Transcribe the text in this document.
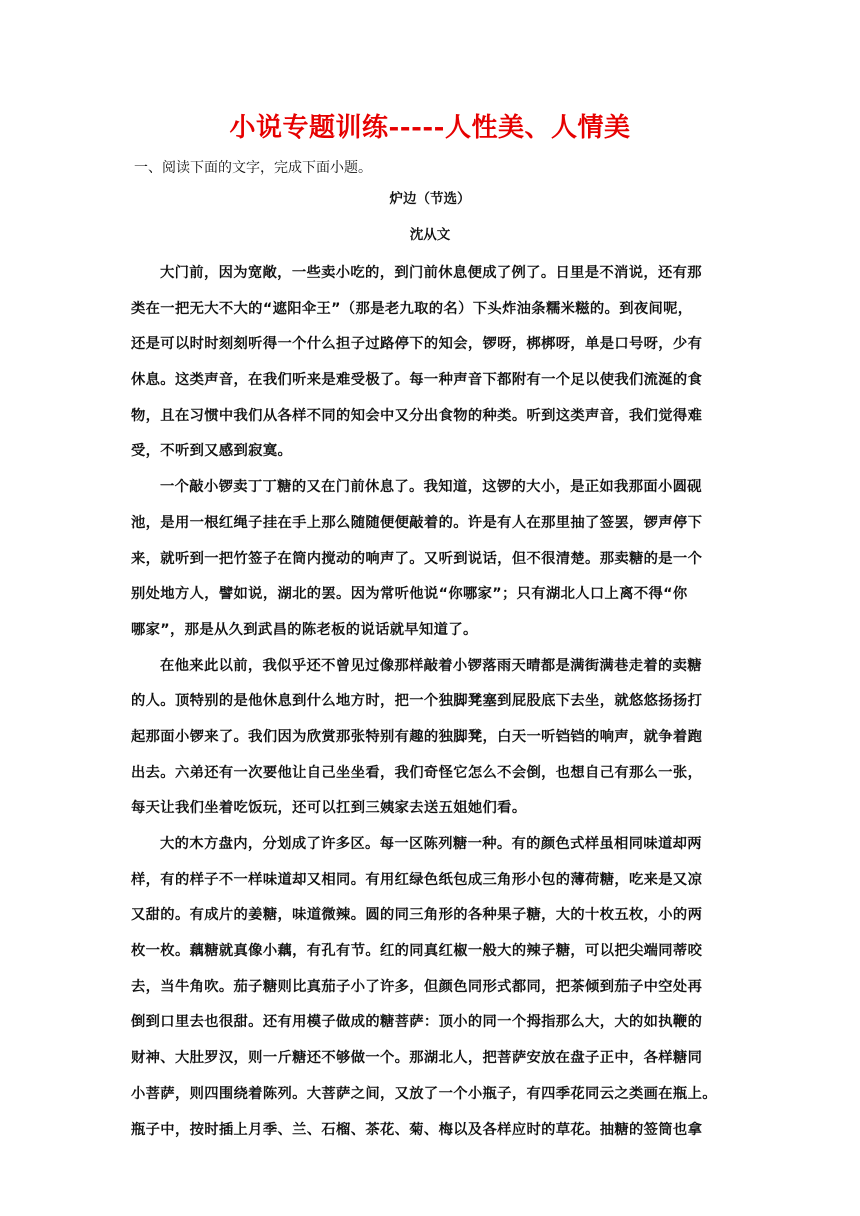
小说专题训练-----人性美、人情美
一、阅读下面的文字，完成下面小题。
炉边（节选）
沈从文
大门前，因为宽敞，一些卖小吃的，到门前休息便成了例了。日里是不消说，还有那
类在一把无大不大的“遮阳伞王”（那是老九取的名）下头炸油条糯米糍的。到夜间呢，
还是可以时时刻刻听得一个什么担子过路停下的知会，锣呀，梆梆呀，单是口号呀，少有
休息。这类声音，在我们听来是难受极了。每一种声音下都附有一个足以使我们流涎的食
物，且在习惯中我们从各样不同的知会中又分出食物的种类。听到这类声音，我们觉得难
受，不听到又感到寂寞。
一个敲小锣卖丁丁糖的又在门前休息了。我知道，这锣的大小，是正如我那面小圆砚
池，是用一根红绳子挂在手上那么随随便便敲着的。许是有人在那里抽了签罢，锣声停下
来，就听到一把竹签子在筒内搅动的响声了。又听到说话，但不很清楚。那卖糖的是一个
别处地方人，譬如说，湖北的罢。因为常听他说“你哪家”；只有湖北人口上离不得“你
哪家”，那是从久到武昌的陈老板的说话就早知道了。
在他来此以前，我似乎还不曾见过像那样敲着小锣落雨天晴都是满街满巷走着的卖糖
的人。顶特别的是他休息到什么地方时，把一个独脚凳塞到屁股底下去坐，就悠悠扬扬打
起那面小锣来了。我们因为欣赏那张特别有趣的独脚凳，白天一听铛铛的响声，就争着跑
出去。六弟还有一次要他让自己坐坐看，我们奇怪它怎么不会倒，也想自己有那么一张，
每天让我们坐着吃饭玩，还可以扛到三姨家去送五姐她们看。
大的木方盘内，分划成了许多区。每一区陈列糖一种。有的颜色式样虽相同味道却两
样，有的样子不一样味道却又相同。有用红绿色纸包成三角形小包的薄荷糖，吃来是又凉
又甜的。有成片的姜糖，味道微辣。圆的同三角形的各种果子糖，大的十枚五枚，小的两
枚一枚。藕糖就真像小藕，有孔有节。红的同真红椒一般大的辣子糖，可以把尖端同蒂咬
去，当牛角吹。茄子糖则比真茄子小了许多，但颜色同形式都同，把茶倾到茄子中空处再
倒到口里去也很甜。还有用模子做成的糖菩萨：顶小的同一个拇指那么大，大的如执鞭的
财神、大肚罗汉，则一斤糖还不够做一个。那湖北人，把菩萨安放在盘子正中，各样糖同
小菩萨，则四围绕着陈列。大菩萨之间，又放了一个小瓶子，有四季花同云之类画在瓶上。
瓶子中，按时插上月季、兰、石榴、茶花、菊、梅以及各样应时的草花。抽糖的签筒也拿
